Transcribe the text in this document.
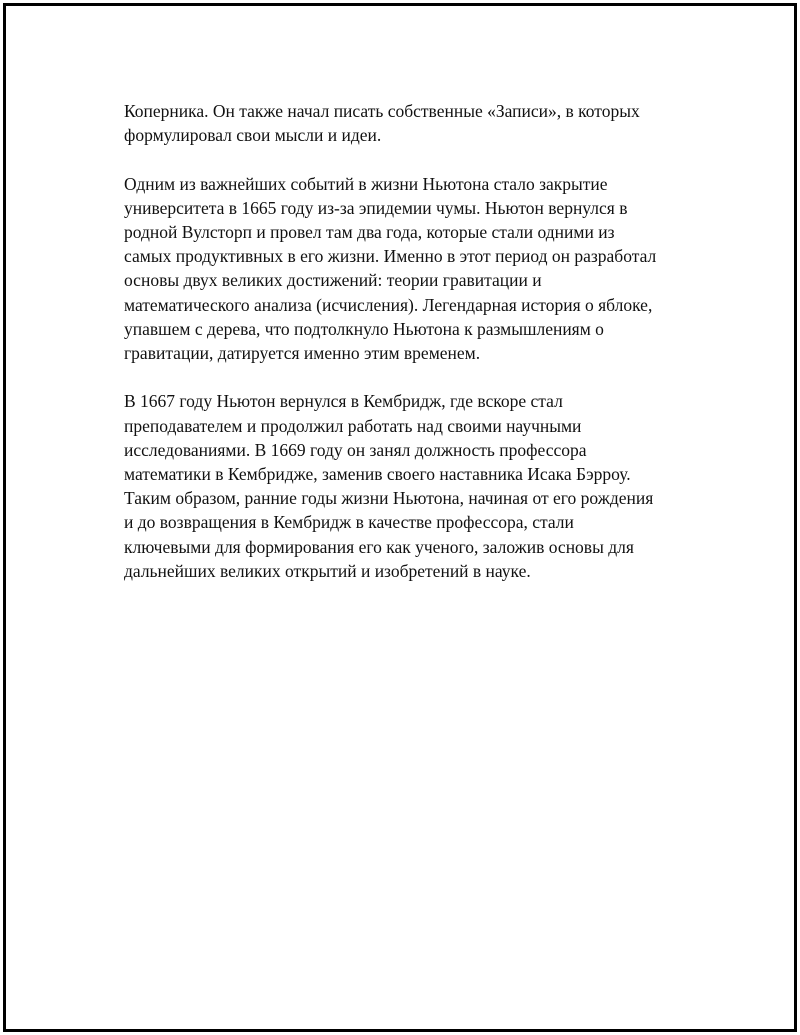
Коперника. Он также начал писать собственные «Записи», в которых
формулировал свои мысли и идеи.

Одним из важнейших событий в жизни Ньютона стало закрытие
университета в 1665 году из-за эпидемии чумы. Ньютон вернулся в
родной Вулсторп и провел там два года, которые стали одними из
самых продуктивных в его жизни. Именно в этот период он разработал
основы двух великих достижений: теории гравитации и
математического анализа (исчисления). Легендарная история о яблоке,
упавшем с дерева, что подтолкнуло Ньютона к размышлениям о
гравитации, датируется именно этим временем.

В 1667 году Ньютон вернулся в Кембридж, где вскоре стал
преподавателем и продолжил работать над своими научными
исследованиями. В 1669 году он занял должность профессора
математики в Кембридже, заменив своего наставника Исака Бэрроу.
Таким образом, ранние годы жизни Ньютона, начиная от его рождения
и до возвращения в Кембридж в качестве профессора, стали
ключевыми для формирования его как ученого, заложив основы для
дальнейших великих открытий и изобретений в науке.
